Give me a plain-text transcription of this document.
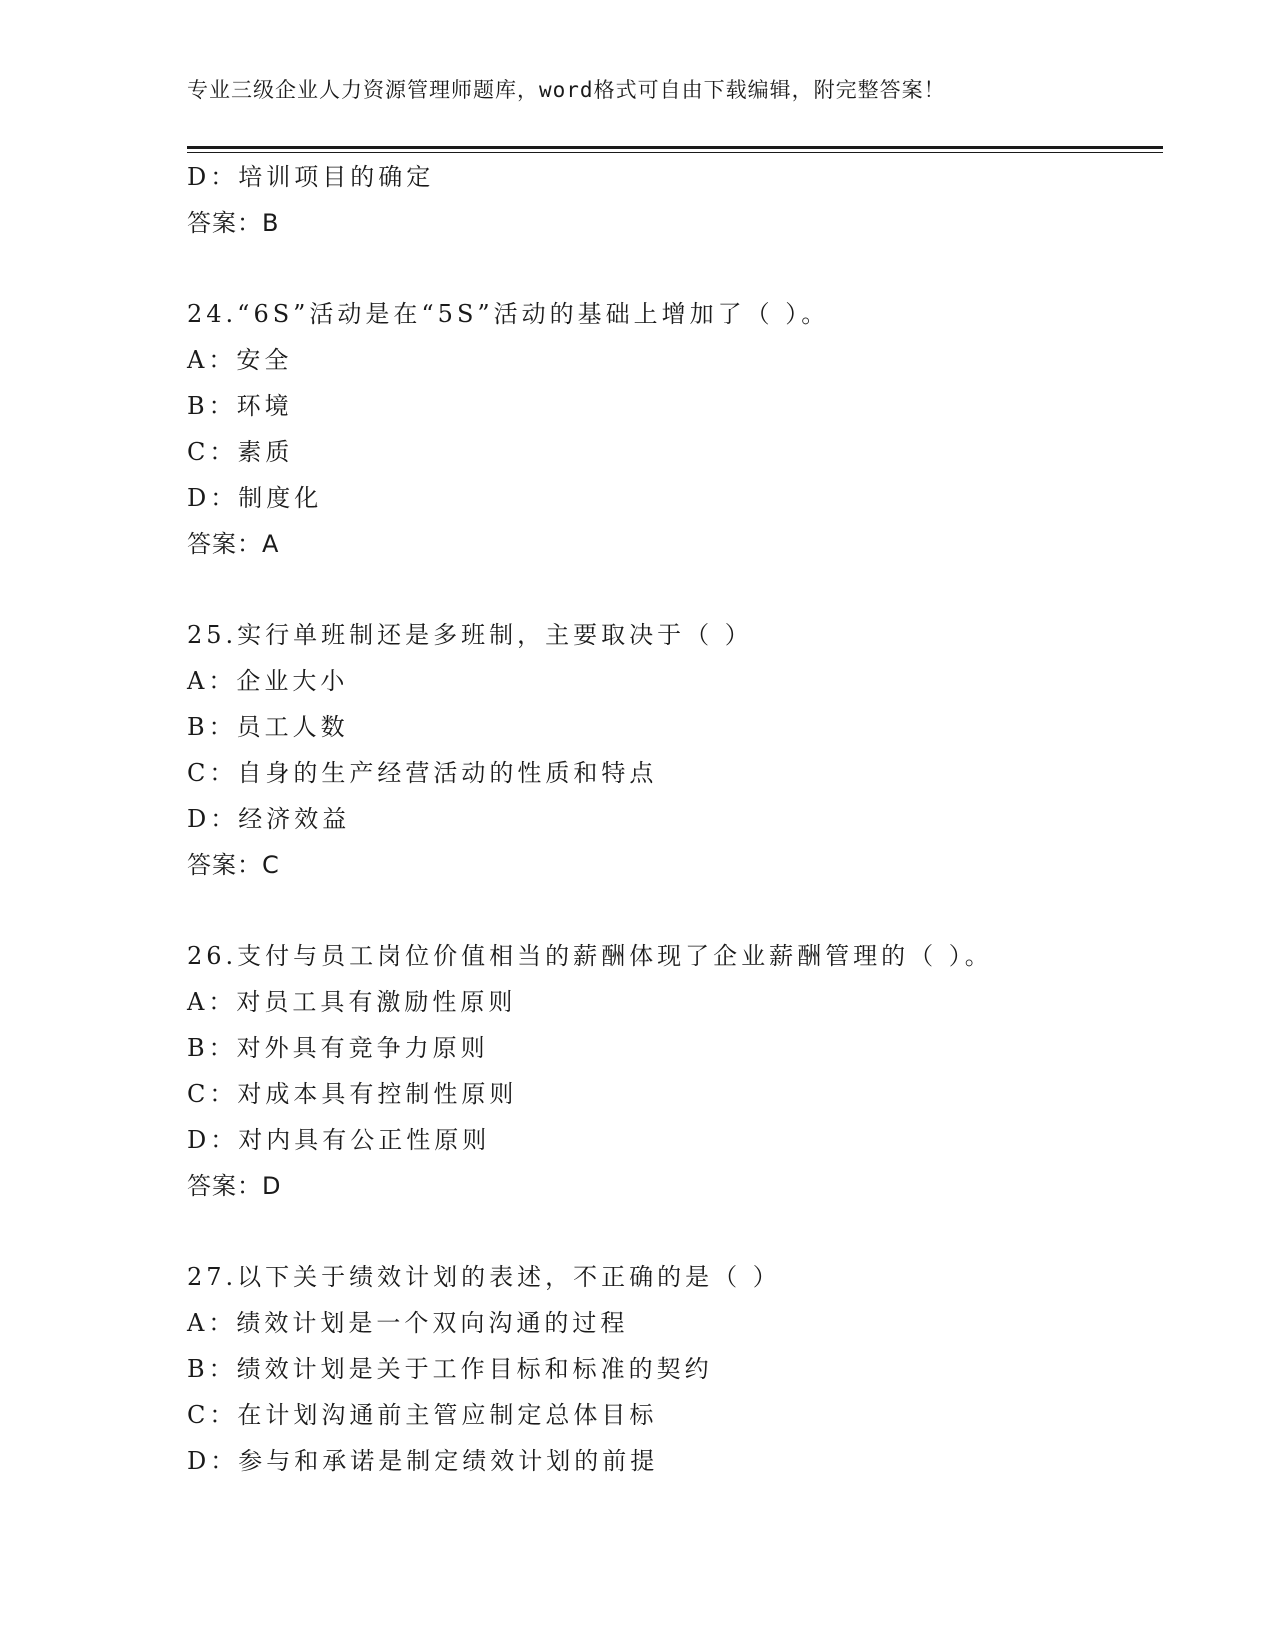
专业三级企业人力资源管理师题库，word格式可自由下载编辑，附完整答案！
D：培训项目的确定
答案：B
24.“6S”活动是在“5S”活动的基础上增加了（ ）。
A：安全
B：环境
C：素质
D：制度化
答案：A
25.实行单班制还是多班制，主要取决于（ ）
A：企业大小
B：员工人数
C：自身的生产经营活动的性质和特点
D：经济效益
答案：C
26.支付与员工岗位价值相当的薪酬体现了企业薪酬管理的（ ）。
A：对员工具有激励性原则
B：对外具有竞争力原则
C：对成本具有控制性原则
D：对内具有公正性原则
答案：D
27.以下关于绩效计划的表述，不正确的是（ ）
A：绩效计划是一个双向沟通的过程
B：绩效计划是关于工作目标和标准的契约
C：在计划沟通前主管应制定总体目标
D：参与和承诺是制定绩效计划的前提
